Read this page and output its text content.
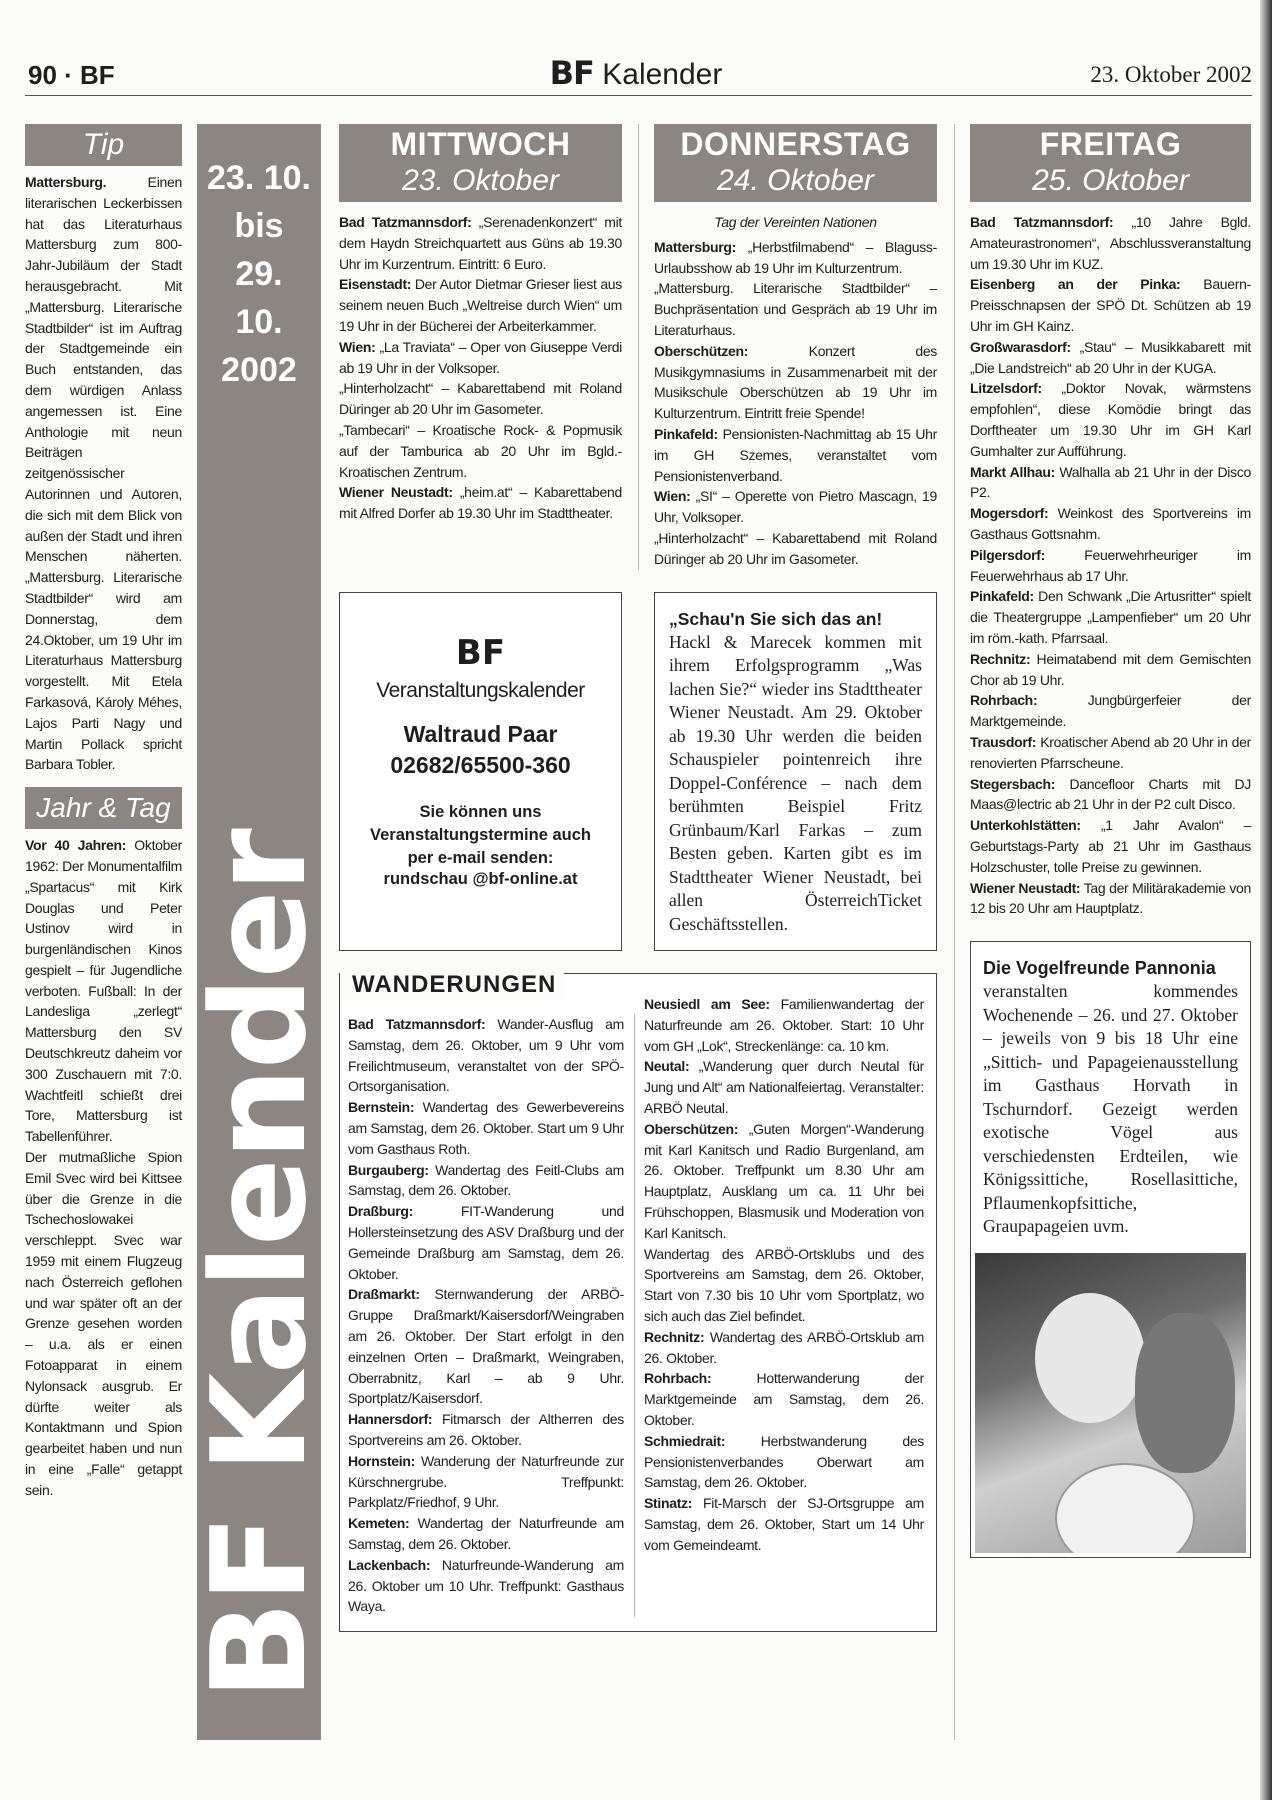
90 · BF	BF Kalender	23. Oktober 2002
Tip

Mattersburg. Einen literarischen Leckerbissen hat das Literaturhaus Mattersburg zum 800-Jahr-Jubiläum der Stadt herausgebracht. Mit „Mattersburg. Literarische Stadtbilder“ ist im Auftrag der Stadtgemeinde ein Buch entstanden, das dem würdigen Anlass angemessen ist. Eine Anthologie mit neun Beiträgen zeitgenössischer Autorinnen und Autoren, die sich mit dem Blick von außen der Stadt und ihren Menschen näherten. „Mattersburg. Literarische Stadtbilder“ wird am Donnerstag, dem 24.Oktober, um 19 Uhr im Literaturhaus Mattersburg vorgestellt. Mit Etela Farkasová, Károly Méhes, Lajos Parti Nagy und Martin Pollack spricht Barbara Tobler.

Jahr & Tag

Vor 40 Jahren: Oktober 1962: Der Monumentalfilm „Spartacus“ mit Kirk Douglas und Peter Ustinov wird in burgenländischen Kinos gespielt – für Jugendliche verboten. Fußball: In der Landesliga „zerlegt“ Mattersburg den SV Deutschkreutz daheim vor 300 Zuschauern mit 7:0. Wachtfeitl schießt drei Tore, Mattersburg ist Tabellenführer.

Der mutmaßliche Spion Emil Svec wird bei Kittsee über die Grenze in die Tschechoslowakei verschleppt. Svec war 1959 mit einem Flugzeug nach Österreich geflohen und war später oft an der Grenze gesehen worden – u.a. als er einen Fotoapparat in einem Nylonsack ausgrub. Er dürfte weiter als Kontaktmann und Spion gearbeitet haben und nun in eine „Falle“ getappt sein.

23. 10.
bis
29.
10.
2002
BF

Kalender
MITTWOCH
23. Oktober

Bad Tatzmannsdorf: „Serenadenkonzert“ mit dem Haydn Streichquartett aus Güns ab 19.30 Uhr im Kurzentrum. Eintritt: 6 Euro.

Eisenstadt: Der Autor Dietmar Grieser liest aus seinem neuen Buch „Weltreise durch Wien“ um 19 Uhr in der Bücherei der Arbeiterkammer.

Wien: „La Traviata“ – Oper von Giuseppe Verdi ab 19 Uhr in der Volksoper.

„Hinterholzacht“ – Kabarettabend mit Roland Düringer ab 20 Uhr im Gasometer.

„Tambecari“ – Kroatische Rock- & Popmusik auf der Tamburica ab 20 Uhr im Bgld.-Kroatischen Zentrum.

Wiener Neustadt: „heim.at“ – Kabarettabend mit Alfred Dorfer ab 19.30 Uhr im Stadttheater.

DONNERSTAG
24. Oktober
Tag der Vereinten Nationen

Mattersburg: „Herbstfilmabend“ – Blaguss-Urlaubsshow ab 19 Uhr im Kulturzentrum.

„Mattersburg. Literarische Stadtbilder“ –Buchpräsentation und Gespräch ab 19 Uhr im Literaturhaus.

Oberschützen: Konzert des Musikgymnasiums in Zusammenarbeit mit der Musikschule Oberschützen ab 19 Uhr im Kulturzentrum. Eintritt freie Spende!

Pinkafeld: Pensionisten-Nachmittag ab 15 Uhr im GH Szemes, veranstaltet vom Pensionistenverband.

Wien: „SI“ – Operette von Pietro Mascagn, 19 Uhr, Volksoper.

„Hinterholzacht“ – Kabarettabend mit Roland Düringer ab 20 Uhr im Gasometer.

BF
Veranstaltungskalender
Waltraud Paar
02682/65500-360
Sie können uns Veranstaltungstermine auch per e-mail senden:
rundschau @bf-online.at
„Schau'n Sie sich das an!
Hackl & Marecek kommen mit ihrem Erfolgsprogramm „Was lachen Sie?“ wieder ins Stadttheater Wiener Neustadt. Am 29. Oktober ab 19.30 Uhr werden die beiden Schauspieler pointenreich ihre Doppel-Conférence – nach dem berühmten Beispiel Fritz Grünbaum/Karl Farkas – zum Besten geben. Karten gibt es im Stadttheater Wiener Neustadt, bei allen ÖsterreichTicket Geschäftsstellen.
WANDERUNGEN

Bad Tatzmannsdorf: Wander-Ausflug am Samstag, dem 26. Oktober, um 9 Uhr vom Freilichtmuseum, veranstaltet von der SPÖ-Ortsorganisation.

Bernstein: Wandertag des Gewerbevereins am Samstag, dem 26. Oktober. Start um 9 Uhr vom Gasthaus Roth.

Burgauberg: Wandertag des Feitl-Clubs am Samstag, dem 26. Oktober.

Draßburg: FIT-Wanderung und Hollersteinsetzung des ASV Draßburg und der Gemeinde Draßburg am Samstag, dem 26. Oktober.

Draßmarkt: Sternwanderung der ARBÖ-Gruppe Draßmarkt/Kaisersdorf/Weingraben am 26. Oktober. Der Start erfolgt in den einzelnen Orten – Draßmarkt, Weingraben, Oberrabnitz, Karl – ab 9 Uhr. Sportplatz/Kaisersdorf.

Hannersdorf: Fitmarsch der Altherren des Sportvereins am 26. Oktober.

Hornstein: Wanderung der Naturfreunde zur Kürschnergrube. Treffpunkt: Parkplatz/Friedhof, 9 Uhr.

Kemeten: Wandertag der Naturfreunde am Samstag, dem 26. Oktober.

Lackenbach: Naturfreunde-Wanderung am 26. Oktober um 10 Uhr. Treffpunkt: Gasthaus Waya.

Neusiedl am See: Familienwandertag der Naturfreunde am 26. Oktober. Start: 10 Uhr vom GH „Lok“, Streckenlänge: ca. 10 km.

Neutal: „Wanderung quer durch Neutal für Jung und Alt“ am Nationalfeiertag. Veranstalter: ARBÖ Neutal.

Oberschützen: „Guten Morgen“-Wanderung mit Karl Kanitsch und Radio Burgenland, am 26. Oktober. Treffpunkt um 8.30 Uhr am Hauptplatz, Ausklang um ca. 11 Uhr bei Frühschoppen, Blasmusik und Moderation von Karl Kanitsch.

Wandertag des ARBÖ-Ortsklubs und des Sportvereins am Samstag, dem 26. Oktober, Start von 7.30 bis 10 Uhr vom Sportplatz, wo sich auch das Ziel befindet.

Rechnitz: Wandertag des ARBÖ-Ortsklub am 26. Oktober.

Rohrbach: Hotterwanderung der Marktgemeinde am Samstag, dem 26. Oktober.

Schmiedrait: Herbstwanderung des Pensionistenverbandes Oberwart am Samstag, dem 26. Oktober.

Stinatz: Fit-Marsch der SJ-Ortsgruppe am Samstag, dem 26. Oktober, Start um 14 Uhr vom Gemeindeamt.

FREITAG
25. Oktober

Bad Tatzmannsdorf: „10 Jahre Bgld. Amateurastronomen“, Abschlussveranstaltung um 19.30 Uhr im KUZ.

Eisenberg an der Pinka: Bauern-Preisschnapsen der SPÖ Dt. Schützen ab 19 Uhr im GH Kainz.

Großwarasdorf: „Stau“ – Musikkabarett mit „Die Landstreich“ ab 20 Uhr in der KUGA.

Litzelsdorf: „Doktor Novak, wärmstens empfohlen“, diese Komödie bringt das Dorftheater um 19.30 Uhr im GH Karl Gumhalter zur Aufführung.

Markt Allhau: Walhalla ab 21 Uhr in der Disco P2.

Mogersdorf: Weinkost des Sportvereins im Gasthaus Gottsnahm.

Pilgersdorf: Feuerwehrheuriger im Feuerwehrhaus ab 17 Uhr.

Pinkafeld: Den Schwank „Die Artusritter“ spielt die Theatergruppe „Lampenfieber“ um 20 Uhr im röm.-kath. Pfarrsaal.

Rechnitz: Heimatabend mit dem Gemischten Chor ab 19 Uhr.

Rohrbach: Jungbürgerfeier der Marktgemeinde.

Trausdorf: Kroatischer Abend ab 20 Uhr in der renovierten Pfarrscheune.

Stegersbach: Dancefloor Charts mit DJ Maas@lectric ab 21 Uhr in der P2 cult Disco.

Unterkohlstätten: „1 Jahr Avalon“ – Geburtstags-Party ab 21 Uhr im Gasthaus Holzschuster, tolle Preise zu gewinnen.

Wiener Neustadt: Tag der Militärakademie von 12 bis 20 Uhr am Hauptplatz.

Die Vogelfreunde Pannonia
veranstalten kommendes Wochenende – 26. und 27. Oktober – jeweils von 9 bis 18 Uhr eine „Sittich- und Papageienausstellung im Gasthaus Horvath in Tschurndorf. Gezeigt werden exotische Vögel aus verschiedensten Erdteilen, wie Königssittiche, Rosellasittiche, Pflaumenkopfsittiche, Graupapageien uvm.
